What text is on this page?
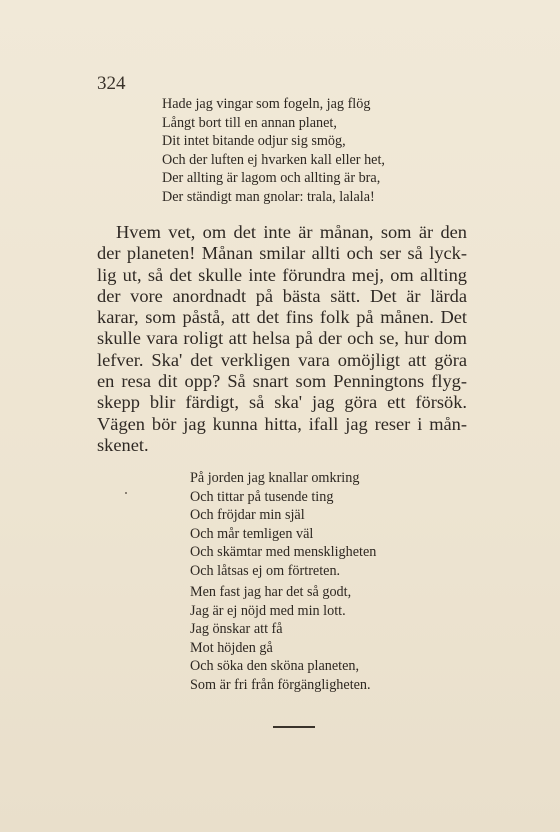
324
Hade jag vingar som fogeln, jag flög
Långt bort till en annan planet,
Dit intet bitande odjur sig smög,
Och der luften ej hvarken kall eller het,
Der allting är lagom och allting är bra,
Der ständigt man gnolar: trala, lalala!

Hvem vet, om det inte är månan, som är den
der planeten! Månan smilar allti och ser så lyck-
lig ut, så det skulle inte förundra mej, om allting
der vore anordnadt på bästa sätt. Det är lärda
karar, som påstå, att det fins folk på månen. Det
skulle vara roligt att helsa på der och se, hur dom
lefver. Ska' det verkligen vara omöjligt att göra
en resa dit opp? Så snart som Penningtons flyg-
skepp blir färdigt, så ska' jag göra ett försök.
Vägen bör jag kunna hitta, ifall jag reser i mån-
skenet.

På jorden jag knallar omkring
Och tittar på tusende ting
Och fröjdar min själ
Och mår temligen väl
Och skämtar med menskligheten
Och låtsas ej om förtreten.
Men fast jag har det så godt,
Jag är ej nöjd med min lott.
Jag önskar att få
Mot höjden gå
Och söka den sköna planeten,
Som är fri från förgängligheten.
